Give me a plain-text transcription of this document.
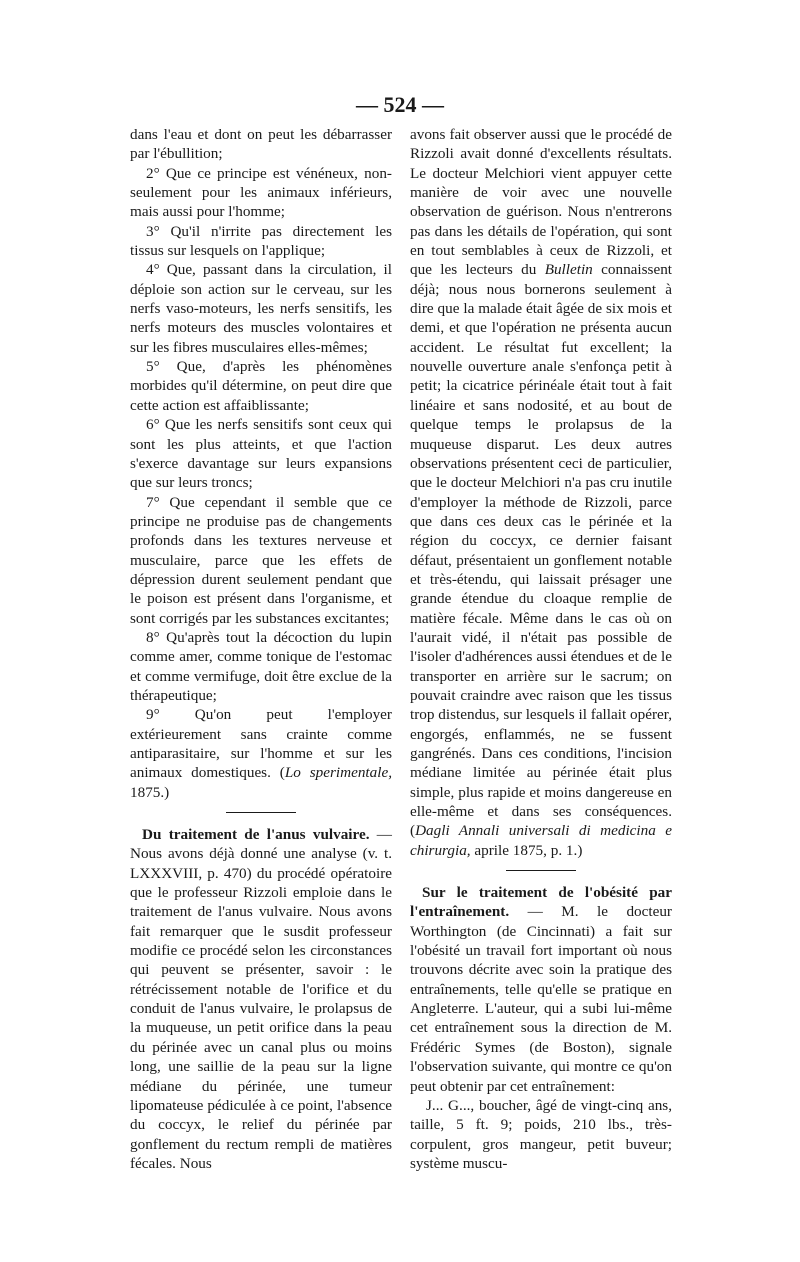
— 524 —

dans l'eau et dont on peut les débarrasser par l'ébullition;

2° Que ce principe est vénéneux, non-seulement pour les animaux inférieurs, mais aussi pour l'homme;

3° Qu'il n'irrite pas directement les tissus sur lesquels on l'applique;

4° Que, passant dans la circulation, il déploie son action sur le cerveau, sur les nerfs vaso-moteurs, les nerfs sensitifs, les nerfs moteurs des muscles volontaires et sur les fibres musculaires elles-mêmes;

5° Que, d'après les phénomènes morbides qu'il détermine, on peut dire que cette action est affaiblissante;

6° Que les nerfs sensitifs sont ceux qui sont les plus atteints, et que l'action s'exerce davantage sur leurs expansions que sur leurs troncs;

7° Que cependant il semble que ce principe ne produise pas de changements profonds dans les textures nerveuse et musculaire, parce que les effets de dépression durent seulement pendant que le poison est présent dans l'organisme, et sont corrigés par les substances excitantes;

8° Qu'après tout la décoction du lupin comme amer, comme tonique de l'estomac et comme vermifuge, doit être exclue de la thérapeutique;

9° Qu'on peut l'employer extérieurement sans crainte comme antiparasitaire, sur l'homme et sur les animaux domestiques. (Lo sperimentale, 1875.)

Du traitement de l'anus vulvaire. — Nous avons déjà donné une analyse (v. t. LXXXVIII, p. 470) du procédé opératoire que le professeur Rizzoli emploie dans le traitement de l'anus vulvaire. Nous avons fait remarquer que le susdit professeur modifie ce procédé selon les circonstances qui peuvent se présenter, savoir : le rétrécissement notable de l'orifice et du conduit de l'anus vulvaire, le prolapsus de la muqueuse, un petit orifice dans la peau du périnée avec un canal plus ou moins long, une saillie de la peau sur la ligne médiane du périnée, une tumeur lipomateuse pédiculée à ce point, l'absence du coccyx, le relief du périnée par gonflement du rectum rempli de matières fécales. Nous

avons fait observer aussi que le procédé de Rizzoli avait donné d'excellents résultats. Le docteur Melchiori vient appuyer cette manière de voir avec une nouvelle observation de guérison. Nous n'entrerons pas dans les détails de l'opération, qui sont en tout semblables à ceux de Rizzoli, et que les lecteurs du Bulletin connaissent déjà; nous nous bornerons seulement à dire que la malade était âgée de six mois et demi, et que l'opération ne présenta aucun accident. Le résultat fut excellent; la nouvelle ouverture anale s'enfonça petit à petit; la cicatrice périnéale était tout à fait linéaire et sans nodosité, et au bout de quelque temps le prolapsus de la muqueuse disparut. Les deux autres observations présentent ceci de particulier, que le docteur Melchiori n'a pas cru inutile d'employer la méthode de Rizzoli, parce que dans ces deux cas le périnée et la région du coccyx, ce dernier faisant défaut, présentaient un gonflement notable et très-étendu, qui laissait présager une grande étendue du cloaque remplie de matière fécale. Même dans le cas où on l'aurait vidé, il n'était pas possible de l'isoler d'adhérences aussi étendues et de le transporter en arrière sur le sacrum; on pouvait craindre avec raison que les tissus trop distendus, sur lesquels il fallait opérer, engorgés, enflammés, ne se fussent gangrénés. Dans ces conditions, l'incision médiane limitée au périnée était plus simple, plus rapide et moins dangereuse en elle-même et dans ses conséquences. (Dagli Annali universali di medicina e chirurgia, aprile 1875, p. 1.)

Sur le traitement de l'obésité par l'entraînement. — M. le docteur Worthington (de Cincinnati) a fait sur l'obésité un travail fort important où nous trouvons décrite avec soin la pratique des entraînements, telle qu'elle se pratique en Angleterre. L'auteur, qui a subi lui-même cet entraînement sous la direction de M. Frédéric Symes (de Boston), signale l'observation suivante, qui montre ce qu'on peut obtenir par cet entraînement:

J... G..., boucher, âgé de vingt-cinq ans, taille, 5 ft. 9; poids, 210 lbs., très-corpulent, gros mangeur, petit buveur; système muscu-
